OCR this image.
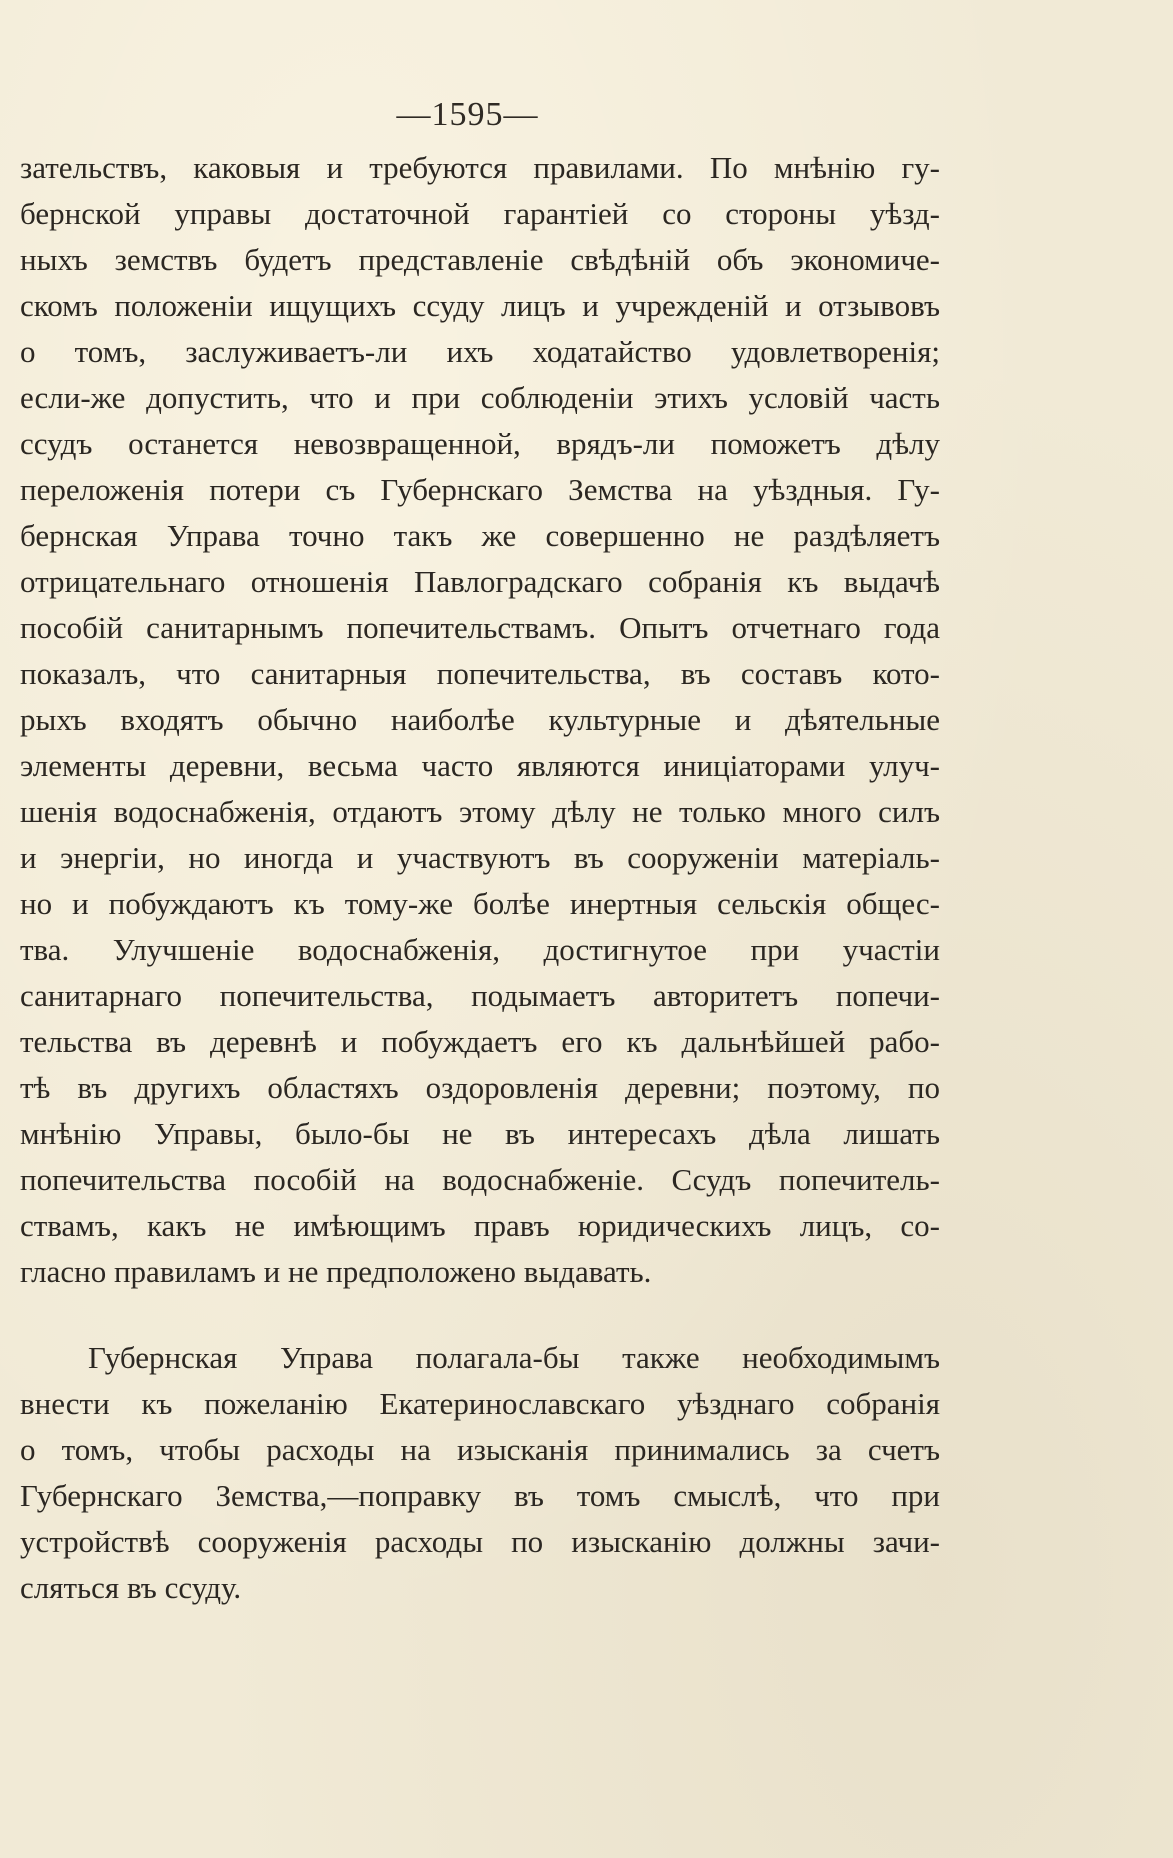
—1595—
зательствъ, каковыя и требуются правилами. По мнѣнію гу-
бернской управы достаточной гарантіей со стороны уѣзд-
ныхъ земствъ будетъ представленіе свѣдѣній объ экономиче-
скомъ положеніи ищущихъ ссуду лицъ и учрежденій и отзывовъ
о томъ, заслуживаетъ-ли ихъ ходатайство удовлетворенія;
если-же допустить, что и при соблюденіи этихъ условій часть
ссудъ останется невозвращенной, врядъ-ли поможетъ дѣлу
переложенія потери съ Губернскаго Земства на уѣздныя. Гу-
бернская Управа точно такъ же совершенно не раздѣляетъ
отрицательнаго отношенія Павлоградскаго собранія къ выдачѣ
пособій санитарнымъ попечительствамъ. Опытъ отчетнаго года
показалъ, что санитарныя попечительства, въ составъ кото-
рыхъ входятъ обычно наиболѣе культурные и дѣятельные
элементы деревни, весьма часто являются иниціаторами улуч-
шенія водоснабженія, отдаютъ этому дѣлу не только много силъ
и энергіи, но иногда и участвуютъ въ сооруженіи матеріаль-
но и побуждаютъ къ тому-же болѣе инертныя сельскія общес-
тва. Улучшеніе водоснабженія, достигнутое при участіи
санитарнаго попечительства, подымаетъ авторитетъ попечи-
тельства въ деревнѣ и побуждаетъ его къ дальнѣйшей рабо-
тѣ въ другихъ областяхъ оздоровленія деревни; поэтому, по
мнѣнію Управы, было-бы не въ интересахъ дѣла лишать
попечительства пособій на водоснабженіе. Ссудъ попечитель-
ствамъ, какъ не имѣющимъ правъ юридическихъ лицъ, со-
гласно правиламъ и не предположено выдавать.
Губернская Управа полагала-бы также необходимымъ
внести къ пожеланію Екатеринославскаго уѣзднаго собранія
о томъ, чтобы расходы на изысканія принимались за счетъ
Губернскаго Земства,—поправку въ томъ смыслѣ, что при
устройствѣ сооруженія расходы по изысканію должны зачи-
сляться въ ссуду.
